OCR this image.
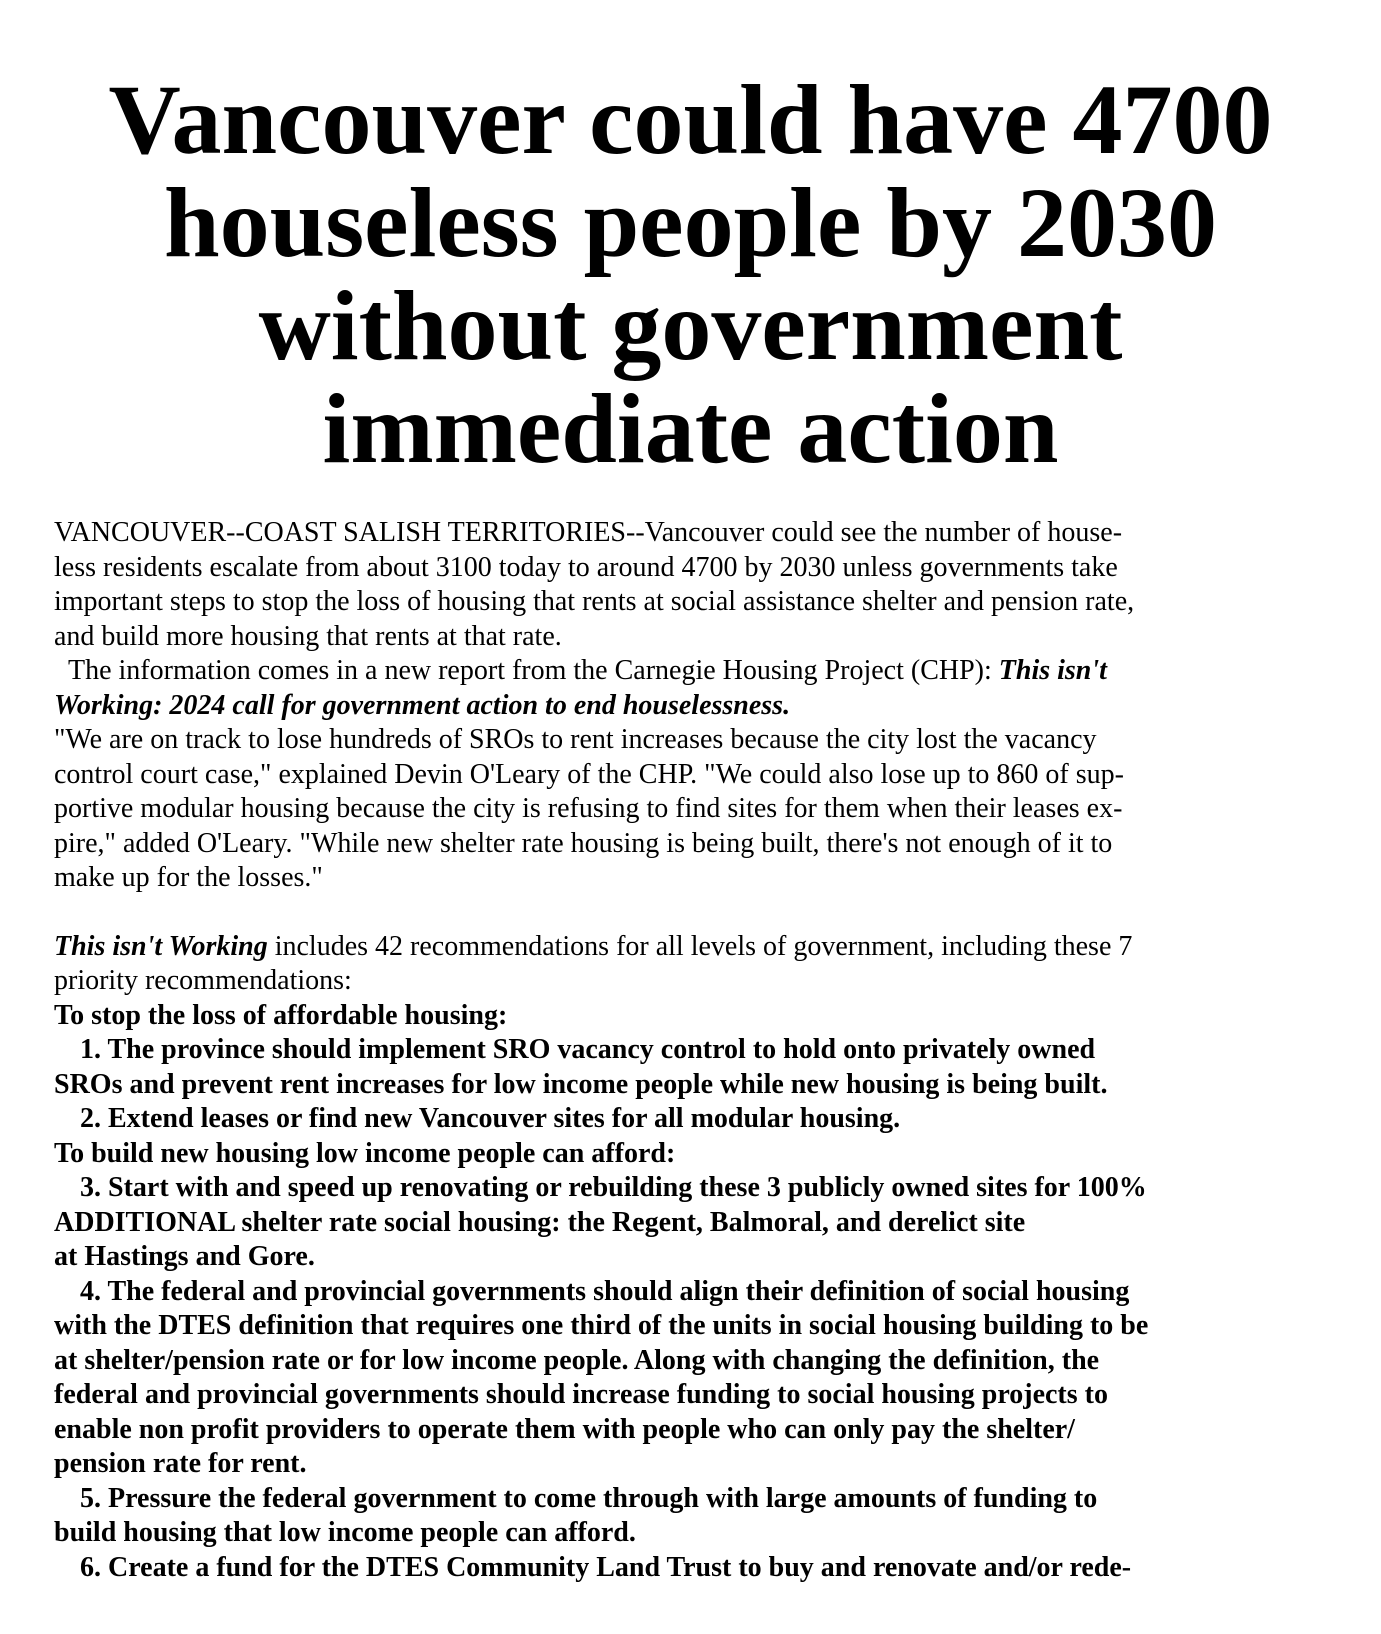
Vancouver could have 4700
houseless people by 2030
without government
immediate action
VANCOUVER--COAST SALISH TERRITORIES--Vancouver could see the number of house-
less residents escalate from about 3100 today to around 4700 by 2030 unless governments take
important steps to stop the loss of housing that rents at social assistance shelter and pension rate,
and build more housing that rents at that rate.
The information comes in a new report from the Carnegie Housing Project (CHP): This isn't
Working: 2024 call for government action to end houselessness.
"We are on track to lose hundreds of SROs to rent increases because the city lost the vacancy
control court case," explained Devin O'Leary of the CHP. "We could also lose up to 860 of sup-
portive modular housing because the city is refusing to find sites for them when their leases ex-
pire," added O'Leary. "While new shelter rate housing is being built, there's not enough of it to
make up for the losses."
This isn't Working includes 42 recommendations for all levels of government, including these 7
priority recommendations:
To stop the loss of affordable housing:
1. The province should implement SRO vacancy control to hold onto privately owned
SROs and prevent rent increases for low income people while new housing is being built.
2. Extend leases or find new Vancouver sites for all modular housing.
To build new housing low income people can afford:
3. Start with and speed up renovating or rebuilding these 3 publicly owned sites for 100%
ADDITIONAL shelter rate social housing: the Regent, Balmoral, and derelict site
at Hastings and Gore.
4. The federal and provincial governments should align their definition of social housing
with the DTES definition that requires one third of the units in social housing building to be
at shelter/pension rate or for low income people. Along with changing the definition, the
federal and provincial governments should increase funding to social housing projects to
enable non profit providers to operate them with people who can only pay the shelter/
pension rate for rent.
5. Pressure the federal government to come through with large amounts of funding to
build housing that low income people can afford.
6. Create a fund for the DTES Community Land Trust to buy and renovate and/or rede-
